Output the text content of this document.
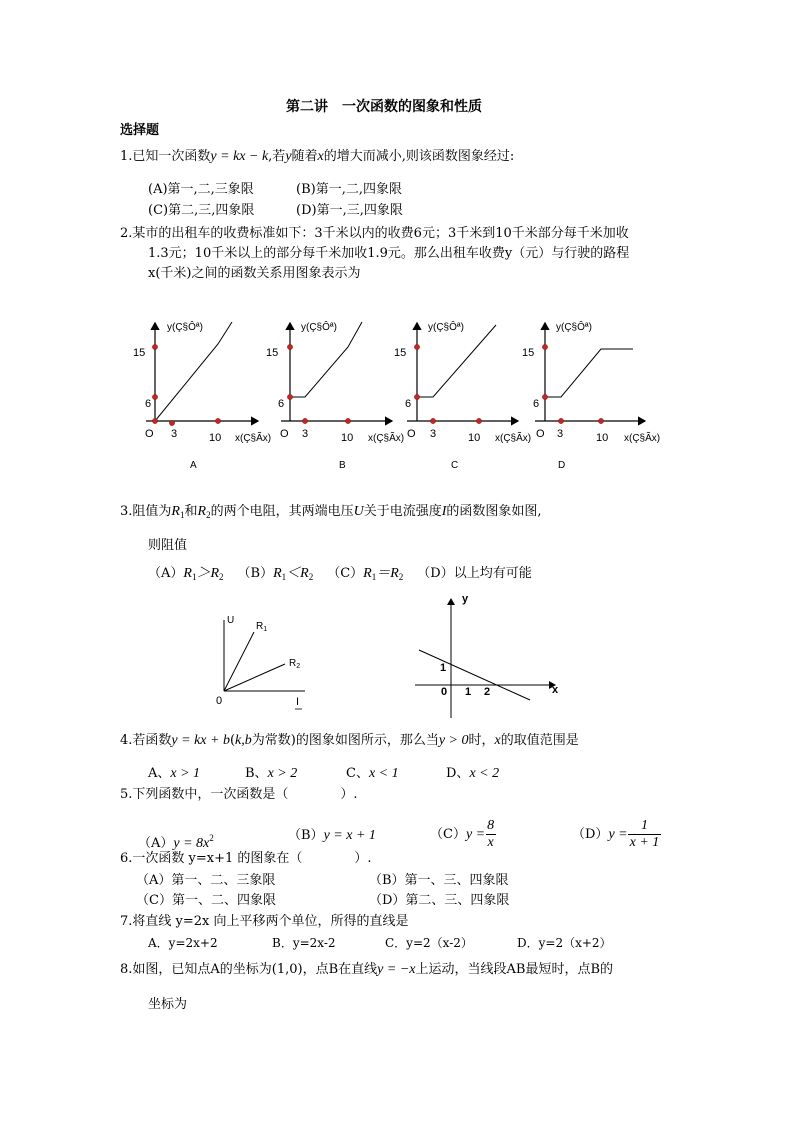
第二讲　一次函数的图象和性质
选择题
1.已知一次函数y = kx − k,若y随着x的增大而减小,则该函数图象经过:
(A)第一,二,三象限	(B)第一,二,四象限
(C)第二,三,四象限	(D)第一,三,四象限
2.某市的出租车的收费标准如下：3千米以内的收费6元；3千米到10千米部分每千米加收
1.3元；10千米以上的部分每千米加收1.9元。那么出租车收费y（元）与行驶的路程
x(千米)之间的函数关系用图象表示为
y(Ç§Ôª)
15
6
O 3	10 x(Ç§Ãx)
A
y(Ç§Ôª)
15
6
O 3	10 x(Ç§Ãx)
B
y(Ç§Ôª)
15
6
O 3	10 x(Ç§Ãx)
C
y(Ç§Ôª)
15
6
O 3	10 x(Ç§Ãx)
D
3.阻值为$R_1$和$R_2$的两个电阻，其两端电压U关于电流强度I的函数图象如图,
则阻值
$(A)R_1>R_2$ $(B)R_1<R_2$ $(C)R_1=R_2$ （D）以上均有可能
U
$R_1$
$R_2$
0	I
y
x
1
0 1 2
4.若函数y = kx + b(k,b为常数)的图象如图所示，那么当y > 0时，x的取值范围是
A、x > 1	B、x > 2	C、x < 1	D、x < 2
5.下列函数中，一次函数是（　　　　）.
$(A)y = 8x^2$	（B）y = x + 1	$(C)y = \frac{8}{x}$	$(D)y = \frac{1}{x + 1}$
6.一次函数 y=x+1 的图象在（　　　　）.
（A）第一、二、三象限	（B）第一、三、四象限
（C）第一、二、四象限	（D）第二、三、四象限
7.将直线 y=2x 向上平移两个单位，所得的直线是
A．y=2x+2	B．y=2x-2	C．y=2（x-2）	D．y=2（x+2）
8.如图，已知点A的坐标为(1,0)，点B在直线y = −x上运动，当线段AB最短时，点B的
坐标为
